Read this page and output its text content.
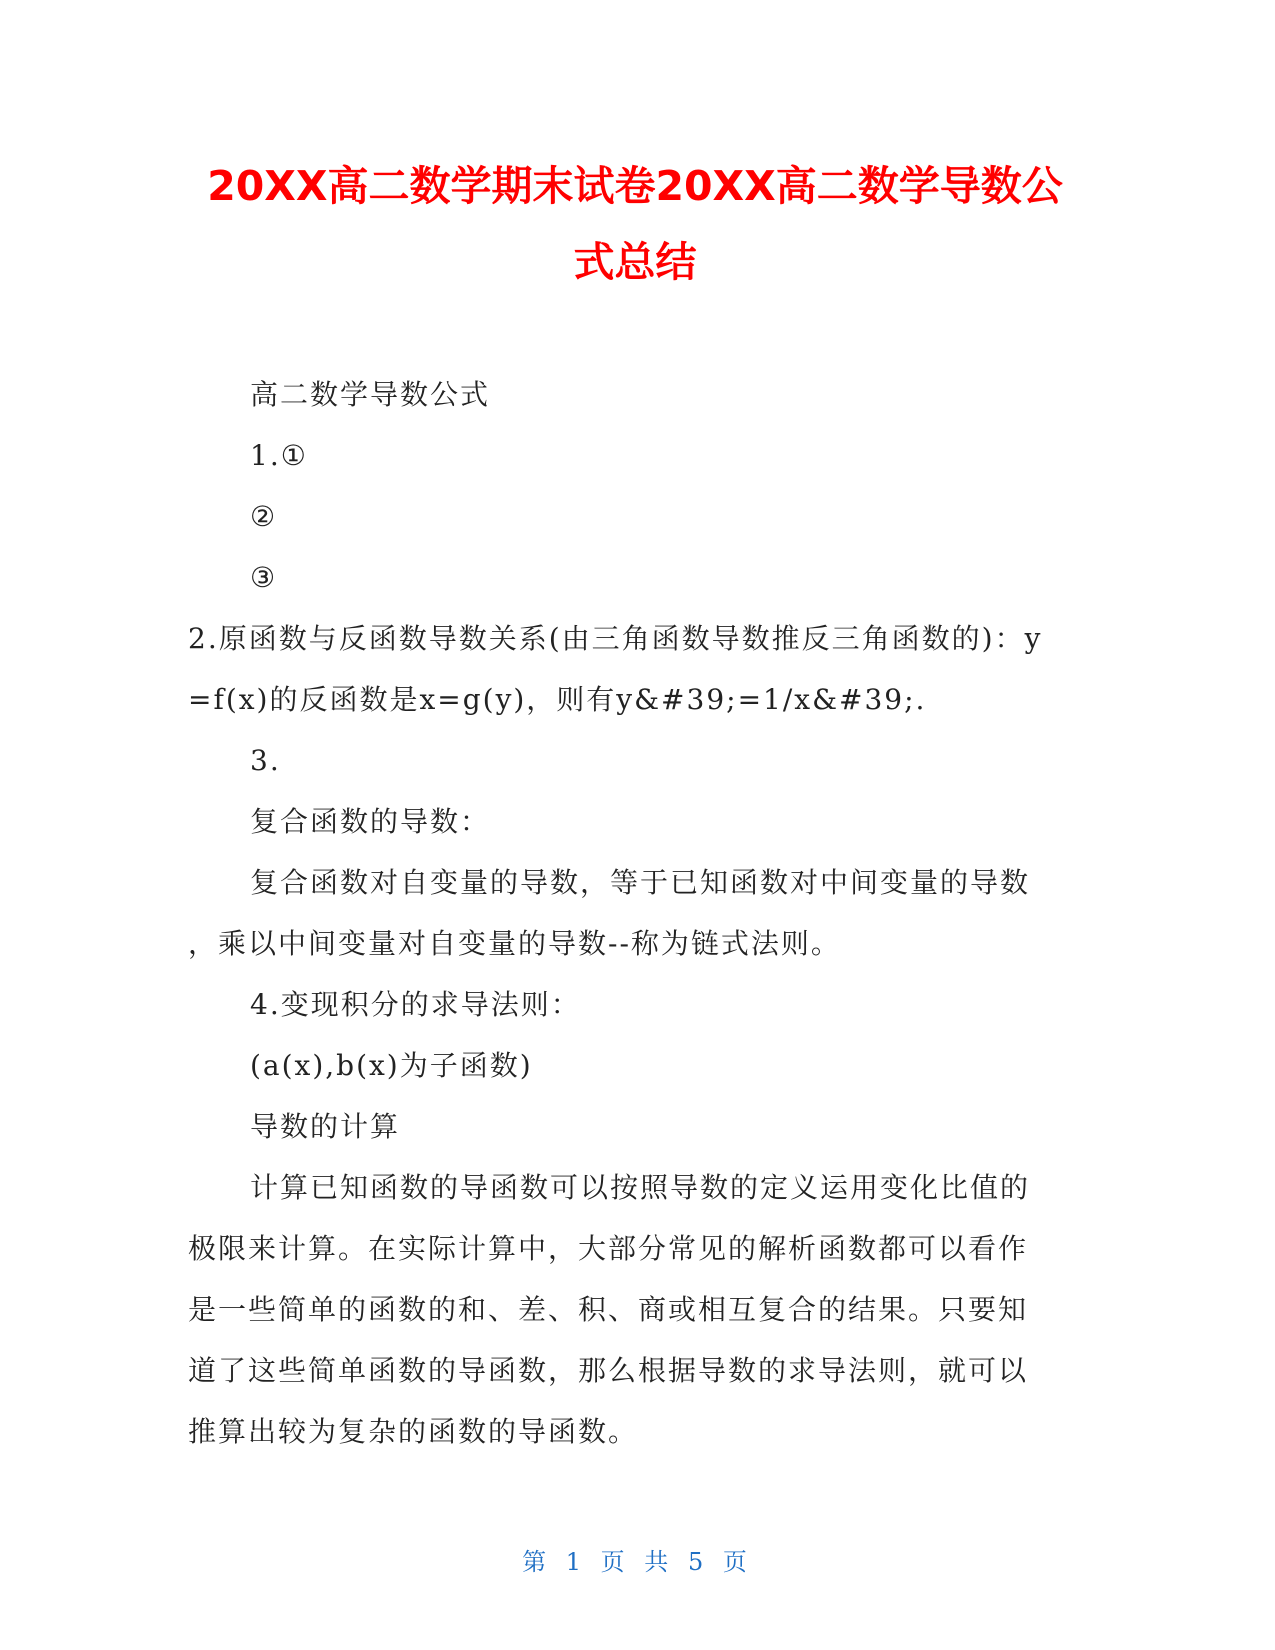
20XX高二数学期末试卷20XX高二数学导数公
式总结

高二数学导数公式

1.①

②

③

2.原函数与反函数导数关系(由三角函数导数推反三角函数的)：y

=f(x)的反函数是x=g(y)，则有y&#39;=1/x&#39;.

3.

复合函数的导数：

复合函数对自变量的导数，等于已知函数对中间变量的导数

，乘以中间变量对自变量的导数--称为链式法则。

4.变现积分的求导法则：

(a(x),b(x)为子函数)

导数的计算

计算已知函数的导函数可以按照导数的定义运用变化比值的

极限来计算。在实际计算中，大部分常见的解析函数都可以看作

是一些简单的函数的和、差、积、商或相互复合的结果。只要知

道了这些简单函数的导函数，那么根据导数的求导法则，就可以

推算出较为复杂的函数的导函数。

第 1 页 共 5 页
